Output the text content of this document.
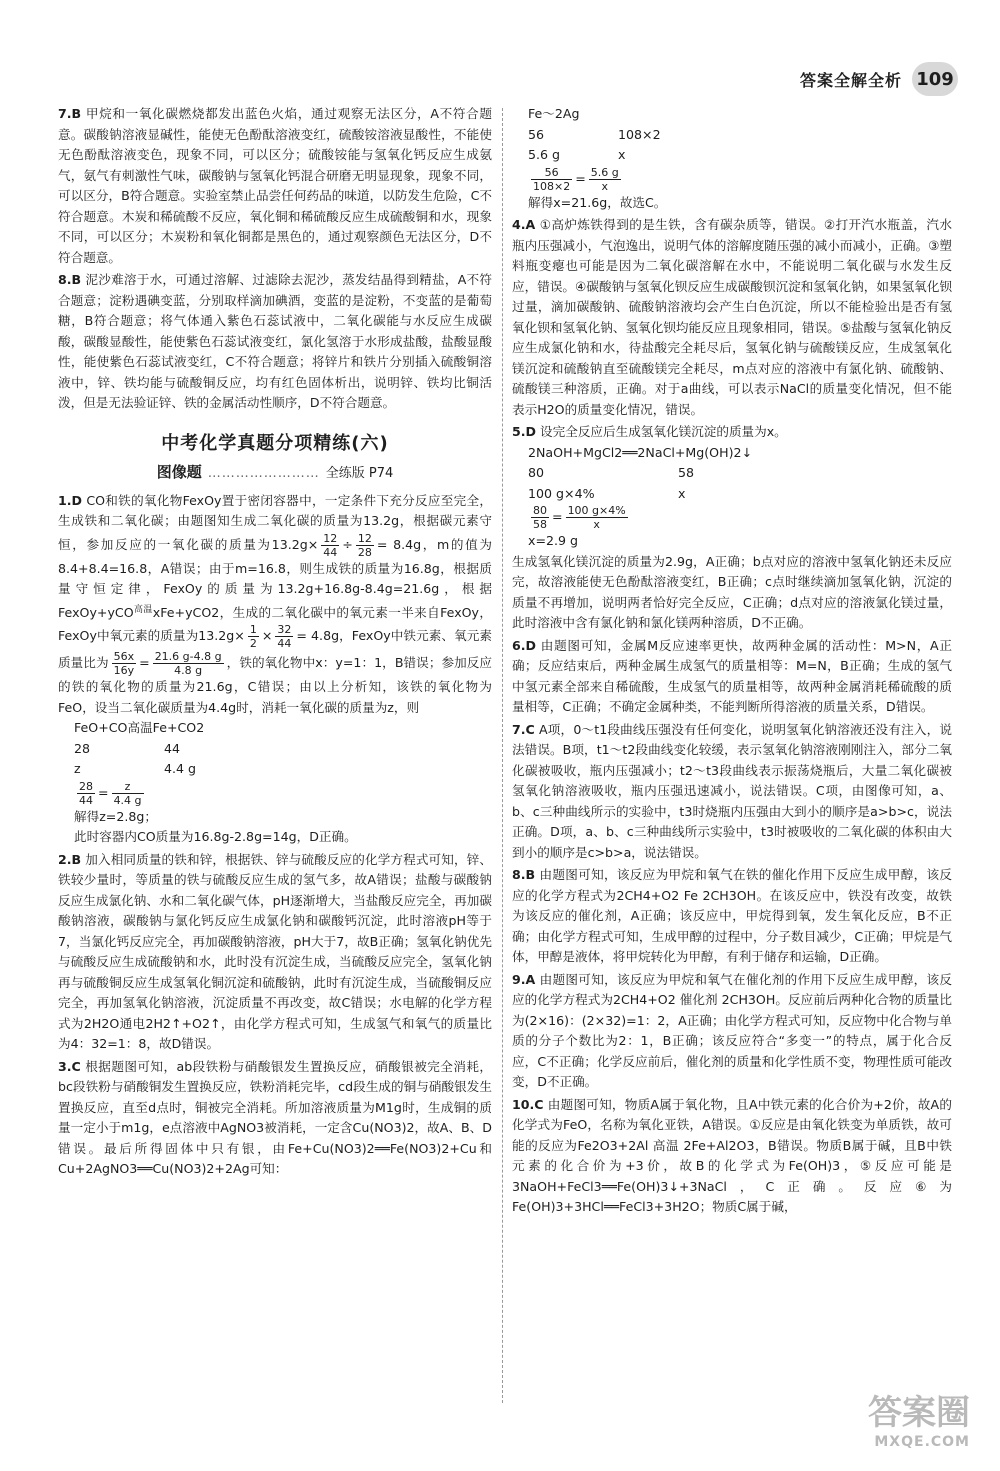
答案全解全析 109

7.B 甲烷和一氧化碳燃烧都发出蓝色火焰，通过观察无法区分，A不符合题意。碳酸钠溶液显碱性，能使无色酚酞溶液变红，硫酸铵溶液显酸性，不能使无色酚酞溶液变色，现象不同，可以区分；硫酸铵能与氢氧化钙反应生成氨气，氨气有刺激性气味，碳酸钠与氢氧化钙混合研磨无明显现象，现象不同，可以区分，B符合题意。实验室禁止品尝任何药品的味道，以防发生危险，C不符合题意。木炭和稀硫酸不反应，氧化铜和稀硫酸反应生成硫酸铜和水，现象不同，可以区分；木炭粉和氧化铜都是黑色的，通过观察颜色无法区分，D不符合题意。

8.B 泥沙难溶于水，可通过溶解、过滤除去泥沙，蒸发结晶得到精盐，A不符合题意；淀粉遇碘变蓝，分别取样滴加碘酒，变蓝的是淀粉，不变蓝的是葡萄糖，B符合题意；将气体通入紫色石蕊试液中，二氧化碳能与水反应生成碳酸，碳酸显酸性，能使紫色石蕊试液变红，氯化氢溶于水形成盐酸，盐酸显酸性，能使紫色石蕊试液变红，C不符合题意；将锌片和铁片分别插入硫酸铜溶液中，锌、铁均能与硫酸铜反应，均有红色固体析出，说明锌、铁均比铜活泼，但是无法验证锌、铁的金属活动性顺序，D不符合题意。

中考化学真题分项精练(六)
图像题 …………………… 全练版 P74
1.D CO和铁的氧化物FexOy置于密闭容器中，一定条件下充分反应至完全，生成铁和二氧化碳；由题图知生成二氧化碳的质量为13.2g，根据碳元素守恒，参加反应的一氧化碳的质量为$13.2g\times \frac{12}{44} \div \frac{12}{28} = 8.4g$，m的值为8.4+8.4=16.8，A错误；由于m=16.8，则生成铁的质量为16.8g，根据质量守恒定律，FexOy的质量为13.2g+16.8g-8.4g=21.6g，根据FexOy+yCO$^{高温}$xFe+yCO2，生成的二氧化碳中的氧元素一半来自FexOy，FexOy中氧元素的质量为$13.2g\times \frac{1}{2} \times \frac{32}{44} = 4.8g$，FexOy中铁元素、氧元素质量比为 $\frac{56x}{16y} = \frac{21.6 g-4.8 g}{4.8 g}$ ，铁的氧化物中x：y=1：1，B错误；参加反应的铁的氧化物的质量为21.6g，C错误；由以上分析知，该铁的氧化物为FeO，设当二氧化碳质量为4.4g时，消耗一氧化碳的质量为z，则

FeO+CO高温Fe+CO2

28	44
z	4.4 g

$\frac{28}{44} = \frac{z}{4.4 g}$

解得z=2.8g；

此时容器内CO质量为16.8g-2.8g=14g，D正确。

2.B 加入相同质量的铁和锌，根据铁、锌与硫酸反应的化学方程式可知，锌、铁较少量时，等质量的铁与硫酸反应生成的氢气多，故A错误；盐酸与碳酸钠反应生成氯化钠、水和二氧化碳气体，pH逐渐增大，当盐酸反应完全，再加碳酸钠溶液，碳酸钠与氯化钙反应生成氯化钠和碳酸钙沉淀，此时溶液pH等于7，当氯化钙反应完全，再加碳酸钠溶液，pH大于7，故B正确；氢氧化钠优先与硫酸反应生成硫酸钠和水，此时没有沉淀生成，当硫酸反应完全，氢氧化钠再与硫酸铜反应生成氢氧化铜沉淀和硫酸钠，此时有沉淀生成，当硫酸铜反应完全，再加氢氧化钠溶液，沉淀质量不再改变，故C错误；水电解的化学方程式为2H2O通电2H2↑+O2↑，由化学方程式可知，生成氢气和氧气的质量比为4：32=1：8，故D错误。

3.C 根据题图可知，ab段铁粉与硝酸银发生置换反应，硝酸银被完全消耗，bc段铁粉与硝酸铜发生置换反应，铁粉消耗完毕，cd段生成的铜与硝酸银发生置换反应，直至d点时，铜被完全消耗。所加溶液质量为M1g时，生成铜的质量一定小于m1g，e点溶液中AgNO3被消耗，一定含Cu(NO3)2，故A、B、D错误。最后所得固体中只有银，由Fe+Cu(NO3)2══Fe(NO3)2+Cu和Cu+2AgNO3══Cu(NO3)2+2Ag可知：

Fe～2Ag

56	108×2
5.6 g	x

$\frac{56}{108\times 2} = \frac{5.6 g}{x}$

解得x=21.6g，故选C。

4.A ①高炉炼铁得到的是生铁，含有碳杂质等，错误。②打开汽水瓶盖，汽水瓶内压强减小，气泡逸出，说明气体的溶解度随压强的减小而减小，正确。③塑料瓶变瘪也可能是因为二氧化碳溶解在水中，不能说明二氧化碳与水发生反应，错误。④碳酸钠与氢氧化钡反应生成碳酸钡沉淀和氢氧化钠，如果氢氧化钡过量，滴加碳酸钠、硫酸钠溶液均会产生白色沉淀，所以不能检验出是否有氢氧化钡和氢氧化钠、氢氧化钡均能反应且现象相同，错误。⑤盐酸与氢氧化钠反应生成氯化钠和水，待盐酸完全耗尽后，氢氧化钠与硫酸镁反应，生成氢氧化镁沉淀和硫酸钠直至硫酸镁完全耗尽，m点对应的溶液中有氯化钠、硫酸钠、硫酸镁三种溶质，正确。对于a曲线，可以表示NaCl的质量变化情况，但不能表示H2O的质量变化情况，错误。

5.D 设完全反应后生成氢氧化镁沉淀的质量为x。

2NaOH+MgCl2══2NaCl+Mg(OH)2↓

80	58
100 g×4%	x

$\frac{80}{58} = \frac{100 g\times 4\%}{x}$

x=2.9 g

生成氢氧化镁沉淀的质量为2.9g，A正确；b点对应的溶液中氢氧化钠还未反应完，故溶液能使无色酚酞溶液变红，B正确；c点时继续滴加氢氧化钠，沉淀的质量不再增加，说明两者恰好完全反应，C正确；d点对应的溶液氯化镁过量，此时溶液中含有氯化钠和氯化镁两种溶质，D不正确。

6.D 由题图可知，金属M反应速率更快，故两种金属的活动性：M>N，A正确；反应结束后，两种金属生成氢气的质量相等：M=N，B正确；生成的氢气中氢元素全部来自稀硫酸，生成氢气的质量相等，故两种金属消耗稀硫酸的质量相等，C正确；不确定金属种类，不能判断所得溶液的质量关系，D错误。

7.C A项，0～t1段曲线压强没有任何变化，说明氢氧化钠溶液还没有注入，说法错误。B项，t1～t2段曲线变化较缓，表示氢氧化钠溶液刚刚注入，部分二氧化碳被吸收，瓶内压强减小；t2～t3段曲线表示振荡烧瓶后，大量二氧化碳被氢氧化钠溶液吸收，瓶内压强迅速减小，说法错误。C项，由图像可知，a、b、c三种曲线所示的实验中，t3时烧瓶内压强由大到小的顺序是a>b>c，说法正确。D项，a、b、c三种曲线所示实验中，t3时被吸收的二氧化碳的体积由大到小的顺序是c>b>a，说法错误。

8.B 由题图可知，该反应为甲烷和氧气在铁的催化作用下反应生成甲醇，该反应的化学方程式为2CH4+O2 Fe 2CH3OH。在该反应中，铁没有改变，故铁为该反应的催化剂，A正确；该反应中，甲烷得到氧，发生氧化反应，B不正确；由化学方程式可知，生成甲醇的过程中，分子数目减少，C正确；甲烷是气体，甲醇是液体，将甲烷转化为甲醇，有利于储存和运输，D正确。

9.A 由题图可知，该反应为甲烷和氧气在催化剂的作用下反应生成甲醇，该反应的化学方程式为2CH4+O2 催化剂 2CH3OH。反应前后两种化合物的质量比为(2×16)：(2×32)=1：2，A正确；由化学方程式可知，反应物中化合物与单质的分子个数比为2：1，B正确；该反应符合“多变一”的特点，属于化合反应，C不正确；化学反应前后，催化剂的质量和化学性质不变，物理性质可能改变，D不正确。

10.C 由题图可知，物质A属于氧化物，且A中铁元素的化合价为+2价，故A的化学式为FeO，名称为氧化亚铁，A错误。①反应是由氧化铁变为单质铁，故可能的反应为Fe2O3+2Al 高温 2Fe+Al2O3，B错误。物质B属于碱，且B中铁元素的化合价为+3价，故B的化学式为Fe(OH)3，⑤反应可能是3NaOH+FeCl3══Fe(OH)3↓+3NaCl，C正确。反应⑥为Fe(OH)3+3HCl══FeCl3+3H2O；物质C属于碱，

答案圈
MXQE.COM
